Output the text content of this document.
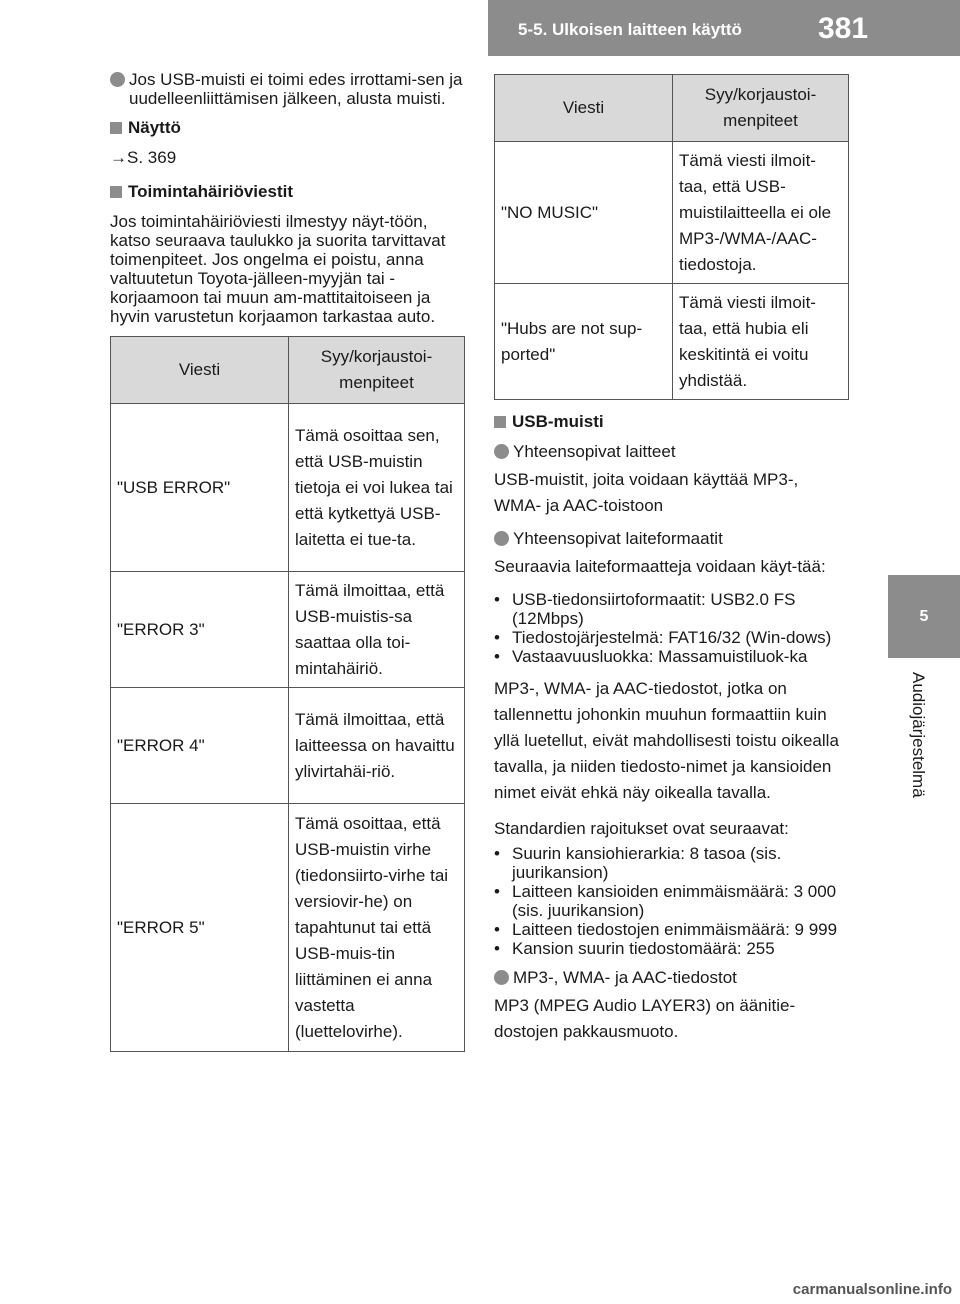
5-5. Ulkoisen laitteen käyttö	381
5
Audiojärjestelmä
Jos USB-muisti ei toimi edes irrottami-sen ja uudelleenliittämisen jälkeen, alusta muisti.
Näyttö
→S. 369
Toimintahäiriöviestit

Jos toimintahäiriöviesti ilmestyy näyt-töön, katso seuraava taulukko ja suorita tarvittavat toimenpiteet. Jos ongelma ei poistu, anna valtuutetun Toyota-jälleen-myyjän tai -korjaamoon tai muun am-mattitaitoiseen ja hyvin varustetun korjaamon tarkastaa auto.

Viesti	Syy/korjaustoi-menpiteet
"USB ERROR"	Tämä osoittaa sen, että USB-muistin tietoja ei voi lukea tai että kytkettyä USB-laitetta ei tue-ta.
"ERROR 3"	Tämä ilmoittaa, että USB-muistis-sa saattaa olla toi-mintahäiriö.
"ERROR 4"	Tämä ilmoittaa, että laitteessa on havaittu ylivirtahäi-riö.
"ERROR 5"	Tämä osoittaa, että USB-muistin virhe (tiedonsiirto-virhe tai versiovir-he) on tapahtunut tai että USB-muis-tin liittäminen ei anna vastetta (luettelovirhe).
Viesti	Syy/korjaustoi-menpiteet
"NO MUSIC"	Tämä viesti ilmoit-taa, että USB-muistilaitteella ei ole MP3-/WMA-/AAC-tiedostoja.
"Hubs are not sup-ported"	Tämä viesti ilmoit-taa, että hubia eli keskitintä ei voitu yhdistää.
USB-muisti
Yhteensopivat laitteet

USB-muistit, joita voidaan käyttää MP3-, WMA- ja AAC-toistoon

Yhteensopivat laiteformaatit

Seuraavia laiteformaatteja voidaan käyt-tää:

• USB-tiedonsiirtoformaatit: USB2.0 FS (12Mbps)
• Tiedostojärjestelmä: FAT16/32 (Win-dows)
• Vastaavuusluokka: Massamuistiluok-ka

MP3-, WMA- ja AAC-tiedostot, jotka on tallennettu johonkin muuhun formaattiin kuin yllä luetellut, eivät mahdollisesti toistu oikealla tavalla, ja niiden tiedosto-nimet ja kansioiden nimet eivät ehkä näy oikealla tavalla.

Standardien rajoitukset ovat seuraavat:

• Suurin kansiohierarkia: 8 tasoa (sis. juurikansion)
• Laitteen kansioiden enimmäismäärä: 3 000 (sis. juurikansion)
• Laitteen tiedostojen enimmäismäärä: 9 999
• Kansion suurin tiedostomäärä: 255
MP3-, WMA- ja AAC-tiedostot

MP3 (MPEG Audio LAYER3) on äänitie-dostojen pakkausmuoto.

carmanualsonline.info
